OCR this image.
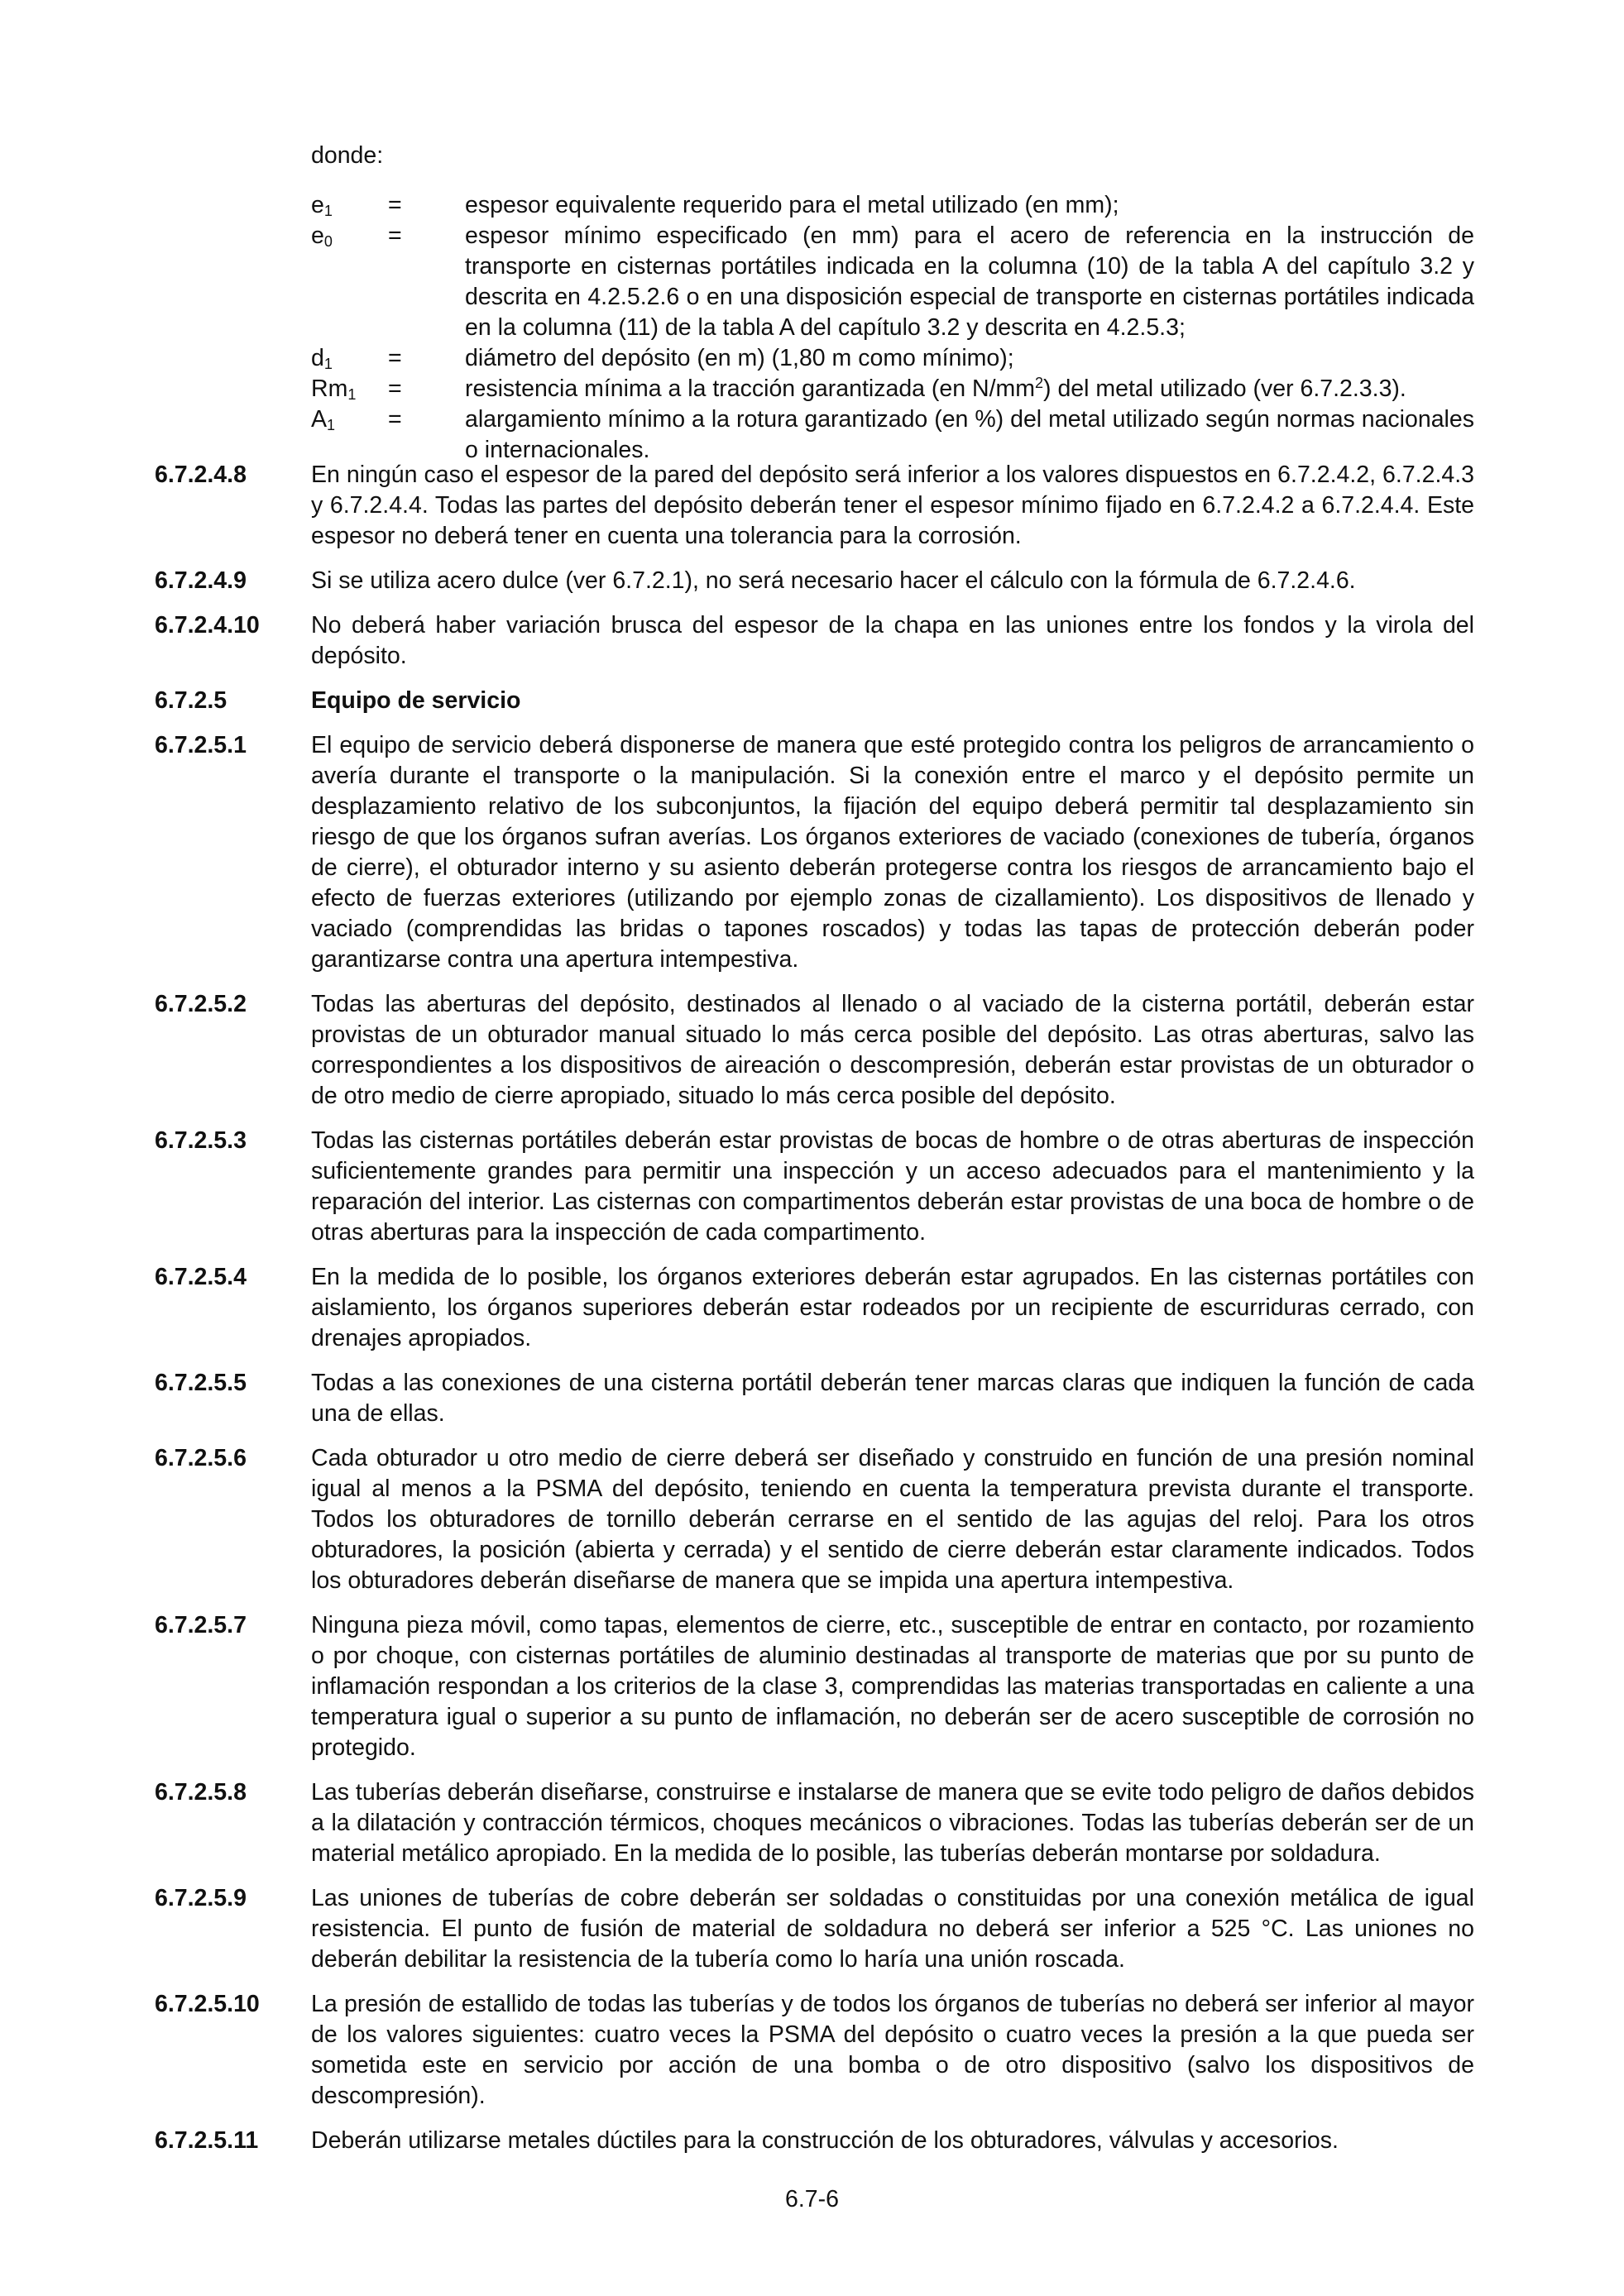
donde:
$e_1$	=	espesor equivalente requerido para el metal utilizado (en mm);
$e_0$	=	espesor mínimo especificado (en mm) para el acero de referencia en la instrucción de transporte en cisternas portátiles indicada en la columna (10) de la tabla A del capítulo 3.2 y descrita en 4.2.5.2.6 o en una disposición especial de transporte en cisternas portátiles indicada en la columna (11) de la tabla A del capítulo 3.2 y descrita en 4.2.5.3;
$d_1$	=	diámetro del depósito (en m) (1,80 m como mínimo);
$Rm_1$	=	resistencia mínima a la tracción garantizada (en $N/mm^2$) del metal utilizado (ver 6.7.2.3.3).
$A_1$	=	alargamiento mínimo a la rotura garantizado (en %) del metal utilizado según normas nacionales o internacionales.
6.7.2.4.8	En ningún caso el espesor de la pared del depósito será inferior a los valores dispuestos en 6.7.2.4.2, 6.7.2.4.3 y 6.7.2.4.4. Todas las partes del depósito deberán tener el espesor mínimo fijado en 6.7.2.4.2 a 6.7.2.4.4. Este espesor no deberá tener en cuenta una tolerancia para la corrosión.
6.7.2.4.9	Si se utiliza acero dulce (ver 6.7.2.1), no será necesario hacer el cálculo con la fórmula de 6.7.2.4.6.
6.7.2.4.10	No deberá haber variación brusca del espesor de la chapa en las uniones entre los fondos y la virola del depósito.
6.7.2.5	Equipo de servicio
6.7.2.5.1	El equipo de servicio deberá disponerse de manera que esté protegido contra los peligros de arrancamiento o avería durante el transporte o la manipulación. Si la conexión entre el marco y el depósito permite un desplazamiento relativo de los subconjuntos, la fijación del equipo deberá permitir tal desplazamiento sin riesgo de que los órganos sufran averías. Los órganos exteriores de vaciado (conexiones de tubería, órganos de cierre), el obturador interno y su asiento deberán protegerse contra los riesgos de arrancamiento bajo el efecto de fuerzas exteriores (utilizando por ejemplo zonas de cizallamiento). Los dispositivos de llenado y vaciado (comprendidas las bridas o tapones roscados) y todas las tapas de protección deberán poder garantizarse contra una apertura intempestiva.
6.7.2.5.2	Todas las aberturas del depósito, destinados al llenado o al vaciado de la cisterna portátil, deberán estar provistas de un obturador manual situado lo más cerca posible del depósito. Las otras aberturas, salvo las correspondientes a los dispositivos de aireación o descompresión, deberán estar provistas de un obturador o de otro medio de cierre apropiado, situado lo más cerca posible del depósito.
6.7.2.5.3	Todas las cisternas portátiles deberán estar provistas de bocas de hombre o de otras aberturas de inspección suficientemente grandes para permitir una inspección y un acceso adecuados para el mantenimiento y la reparación del interior. Las cisternas con compartimentos deberán estar provistas de una boca de hombre o de otras aberturas para la inspección de cada compartimento.
6.7.2.5.4	En la medida de lo posible, los órganos exteriores deberán estar agrupados. En las cisternas portátiles con aislamiento, los órganos superiores deberán estar rodeados por un recipiente de escurriduras cerrado, con drenajes apropiados.
6.7.2.5.5	Todas a las conexiones de una cisterna portátil deberán tener marcas claras que indiquen la función de cada una de ellas.
6.7.2.5.6	Cada obturador u otro medio de cierre deberá ser diseñado y construido en función de una presión nominal igual al menos a la PSMA del depósito, teniendo en cuenta la temperatura prevista durante el transporte. Todos los obturadores de tornillo deberán cerrarse en el sentido de las agujas del reloj. Para los otros obturadores, la posición (abierta y cerrada) y el sentido de cierre deberán estar claramente indicados. Todos los obturadores deberán diseñarse de manera que se impida una apertura intempestiva.
6.7.2.5.7	Ninguna pieza móvil, como tapas, elementos de cierre, etc., susceptible de entrar en contacto, por rozamiento o por choque, con cisternas portátiles de aluminio destinadas al transporte de materias que por su punto de inflamación respondan a los criterios de la clase 3, comprendidas las materias transportadas en caliente a una temperatura igual o superior a su punto de inflamación, no deberán ser de acero susceptible de corrosión no protegido.
6.7.2.5.8	Las tuberías deberán diseñarse, construirse e instalarse de manera que se evite todo peligro de daños debidos a la dilatación y contracción térmicos, choques mecánicos o vibraciones. Todas las tuberías deberán ser de un material metálico apropiado. En la medida de lo posible, las tuberías deberán montarse por soldadura.
6.7.2.5.9	Las uniones de tuberías de cobre deberán ser soldadas o constituidas por una conexión metálica de igual resistencia. El punto de fusión de material de soldadura no deberá ser inferior a 525 °C. Las uniones no deberán debilitar la resistencia de la tubería como lo haría una unión roscada.
6.7.2.5.10	La presión de estallido de todas las tuberías y de todos los órganos de tuberías no deberá ser inferior al mayor de los valores siguientes: cuatro veces la PSMA del depósito o cuatro veces la presión a la que pueda ser sometida este en servicio por acción de una bomba o de otro dispositivo (salvo los dispositivos de descompresión).
6.7.2.5.11	Deberán utilizarse metales dúctiles para la construcción de los obturadores, válvulas y accesorios.
6.7-6
